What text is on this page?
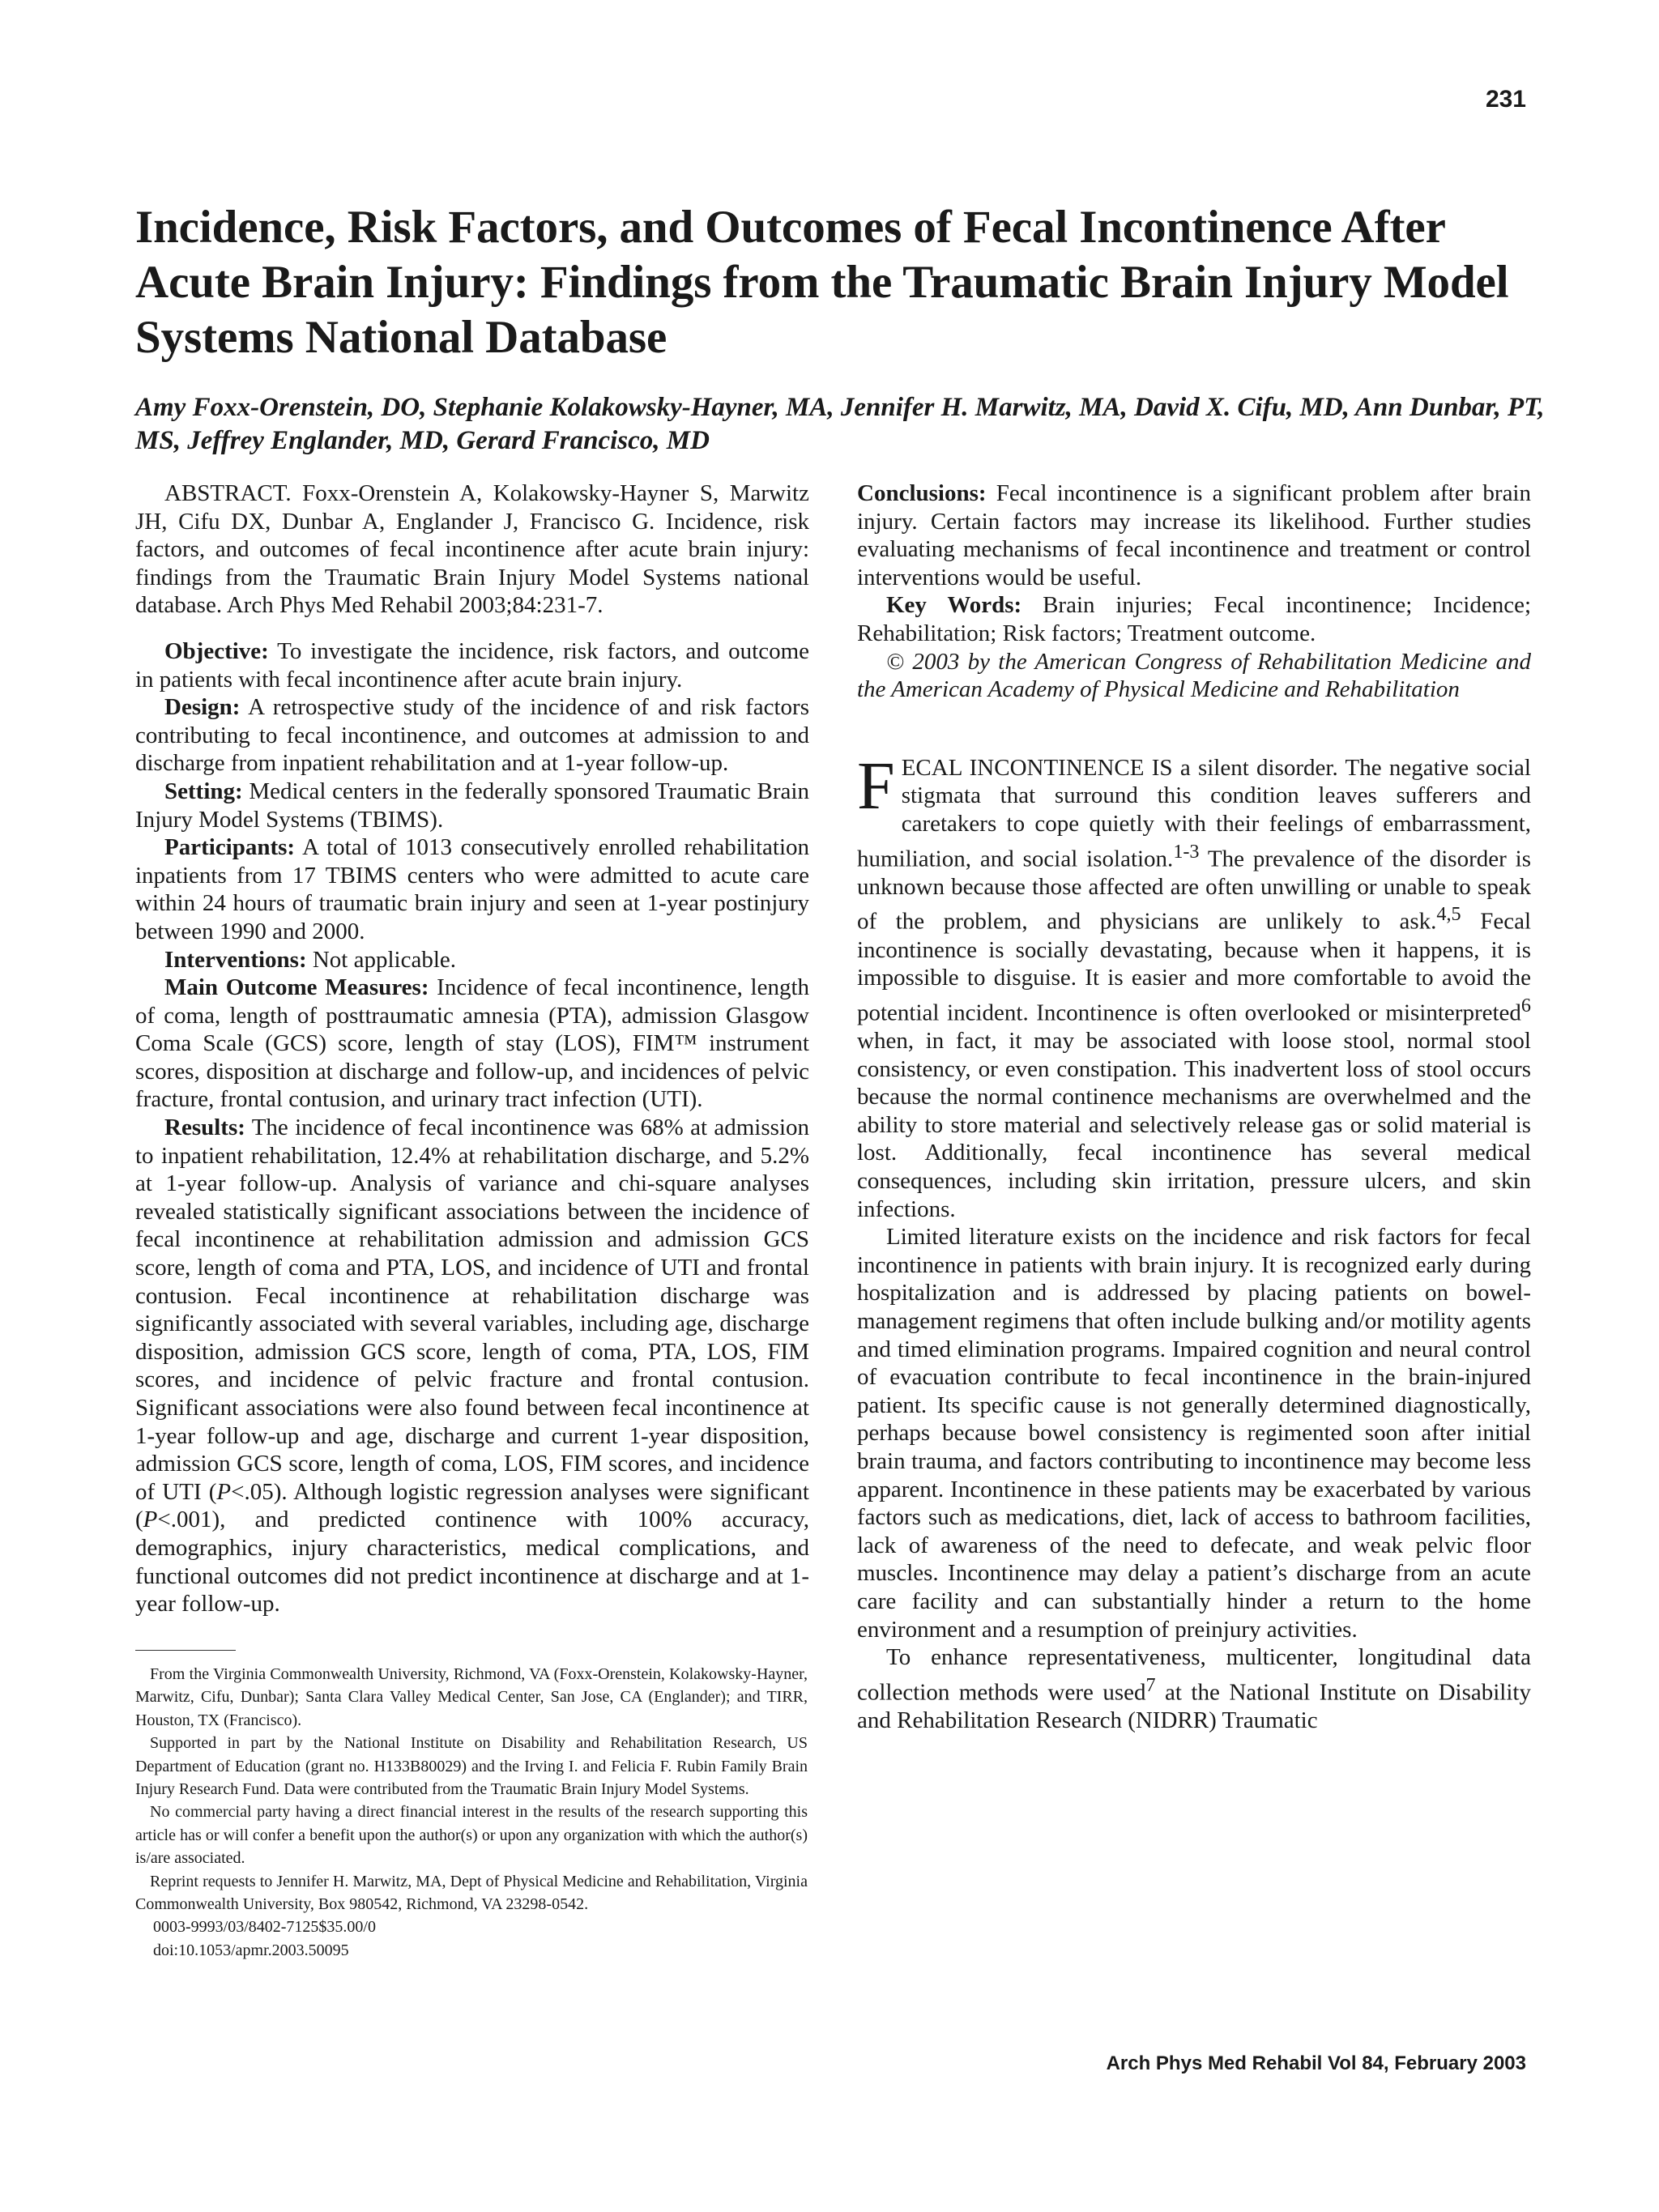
231
Incidence, Risk Factors, and Outcomes of Fecal Incontinence After Acute Brain Injury: Findings from the Traumatic Brain Injury Model Systems National Database

Amy Foxx-Orenstein, DO, Stephanie Kolakowsky-Hayner, MA, Jennifer H. Marwitz, MA, David X. Cifu, MD, Ann Dunbar, PT, MS, Jeffrey Englander, MD, Gerard Francisco, MD

ABSTRACT. Foxx-Orenstein A, Kolakowsky-Hayner S, Marwitz JH, Cifu DX, Dunbar A, Englander J, Francisco G. Incidence, risk factors, and outcomes of fecal incontinence after acute brain injury: findings from the Traumatic Brain Injury Model Systems national database. Arch Phys Med Rehabil 2003;84:231-7.

Objective: To investigate the incidence, risk factors, and outcome in patients with fecal incontinence after acute brain injury.

Design: A retrospective study of the incidence of and risk factors contributing to fecal incontinence, and outcomes at admission to and discharge from inpatient rehabilitation and at 1-year follow-up.

Setting: Medical centers in the federally sponsored Traumatic Brain Injury Model Systems (TBIMS).

Participants: A total of 1013 consecutively enrolled rehabilitation inpatients from 17 TBIMS centers who were admitted to acute care within 24 hours of traumatic brain injury and seen at 1-year postinjury between 1990 and 2000.

Interventions: Not applicable.

Main Outcome Measures: Incidence of fecal incontinence, length of coma, length of posttraumatic amnesia (PTA), admission Glasgow Coma Scale (GCS) score, length of stay (LOS), FIM™ instrument scores, disposition at discharge and follow-up, and incidences of pelvic fracture, frontal contusion, and urinary tract infection (UTI).

Results: The incidence of fecal incontinence was 68% at admission to inpatient rehabilitation, 12.4% at rehabilitation discharge, and 5.2% at 1-year follow-up. Analysis of variance and chi-square analyses revealed statistically significant associations between the incidence of fecal incontinence at rehabilitation admission and admission GCS score, length of coma and PTA, LOS, and incidence of UTI and frontal contusion. Fecal incontinence at rehabilitation discharge was significantly associated with several variables, including age, discharge disposition, admission GCS score, length of coma, PTA, LOS, FIM scores, and incidence of pelvic fracture and frontal contusion. Significant associations were also found between fecal incontinence at 1-year follow-up and age, discharge and current 1-year disposition, admission GCS score, length of coma, LOS, FIM scores, and incidence of UTI (P<.05). Although logistic regression analyses were significant (P<.001), and predicted continence with 100% accuracy, demographics, injury characteristics, medical complications, and functional outcomes did not predict incontinence at discharge and at 1-year follow-up.

Conclusions: Fecal incontinence is a significant problem after brain injury. Certain factors may increase its likelihood. Further studies evaluating mechanisms of fecal incontinence and treatment or control interventions would be useful.

Key Words: Brain injuries; Fecal incontinence; Incidence; Rehabilitation; Risk factors; Treatment outcome.

© 2003 by the American Congress of Rehabilitation Medicine and the American Academy of Physical Medicine and Rehabilitation

FECAL INCONTINENCE IS a silent disorder. The negative social stigmata that surround this condition leaves sufferers and caretakers to cope quietly with their feelings of embarrassment, humiliation, and social isolation.$^{1-3}$ The prevalence of the disorder is unknown because those affected are often unwilling or unable to speak of the problem, and physicians are unlikely to ask.$^{4,5}$ Fecal incontinence is socially devastating, because when it happens, it is impossible to disguise. It is easier and more comfortable to avoid the potential incident. Incontinence is often overlooked or misinterpreted$^6$ when, in fact, it may be associated with loose stool, normal stool consistency, or even constipation. This inadvertent loss of stool occurs because the normal continence mechanisms are overwhelmed and the ability to store material and selectively release gas or solid material is lost. Additionally, fecal incontinence has several medical consequences, including skin irritation, pressure ulcers, and skin infections.

Limited literature exists on the incidence and risk factors for fecal incontinence in patients with brain injury. It is recognized early during hospitalization and is addressed by placing patients on bowel-management regimens that often include bulking and/or motility agents and timed elimination programs. Impaired cognition and neural control of evacuation contribute to fecal incontinence in the brain-injured patient. Its specific cause is not generally determined diagnostically, perhaps because bowel consistency is regimented soon after initial brain trauma, and factors contributing to incontinence may become less apparent. Incontinence in these patients may be exacerbated by various factors such as medications, diet, lack of access to bathroom facilities, lack of awareness of the need to defecate, and weak pelvic floor muscles. Incontinence may delay a patient’s discharge from an acute care facility and can substantially hinder a return to the home environment and a resumption of preinjury activities.

To enhance representativeness, multicenter, longitudinal data collection methods were used$^7$ at the National Institute on Disability and Rehabilitation Research (NIDRR) Traumatic

From the Virginia Commonwealth University, Richmond, VA (Foxx-Orenstein, Kolakowsky-Hayner, Marwitz, Cifu, Dunbar); Santa Clara Valley Medical Center, San Jose, CA (Englander); and TIRR, Houston, TX (Francisco).

Supported in part by the National Institute on Disability and Rehabilitation Research, US Department of Education (grant no. H133B80029) and the Irving I. and Felicia F. Rubin Family Brain Injury Research Fund. Data were contributed from the Traumatic Brain Injury Model Systems.

No commercial party having a direct financial interest in the results of the research supporting this article has or will confer a benefit upon the author(s) or upon any organization with which the author(s) is/are associated.

Reprint requests to Jennifer H. Marwitz, MA, Dept of Physical Medicine and Rehabilitation, Virginia Commonwealth University, Box 980542, Richmond, VA 23298-0542.

0003-9993/03/8402-7125$35.00/0

doi:10.1053/apmr.2003.50095

Arch Phys Med Rehabil Vol 84, February 2003
